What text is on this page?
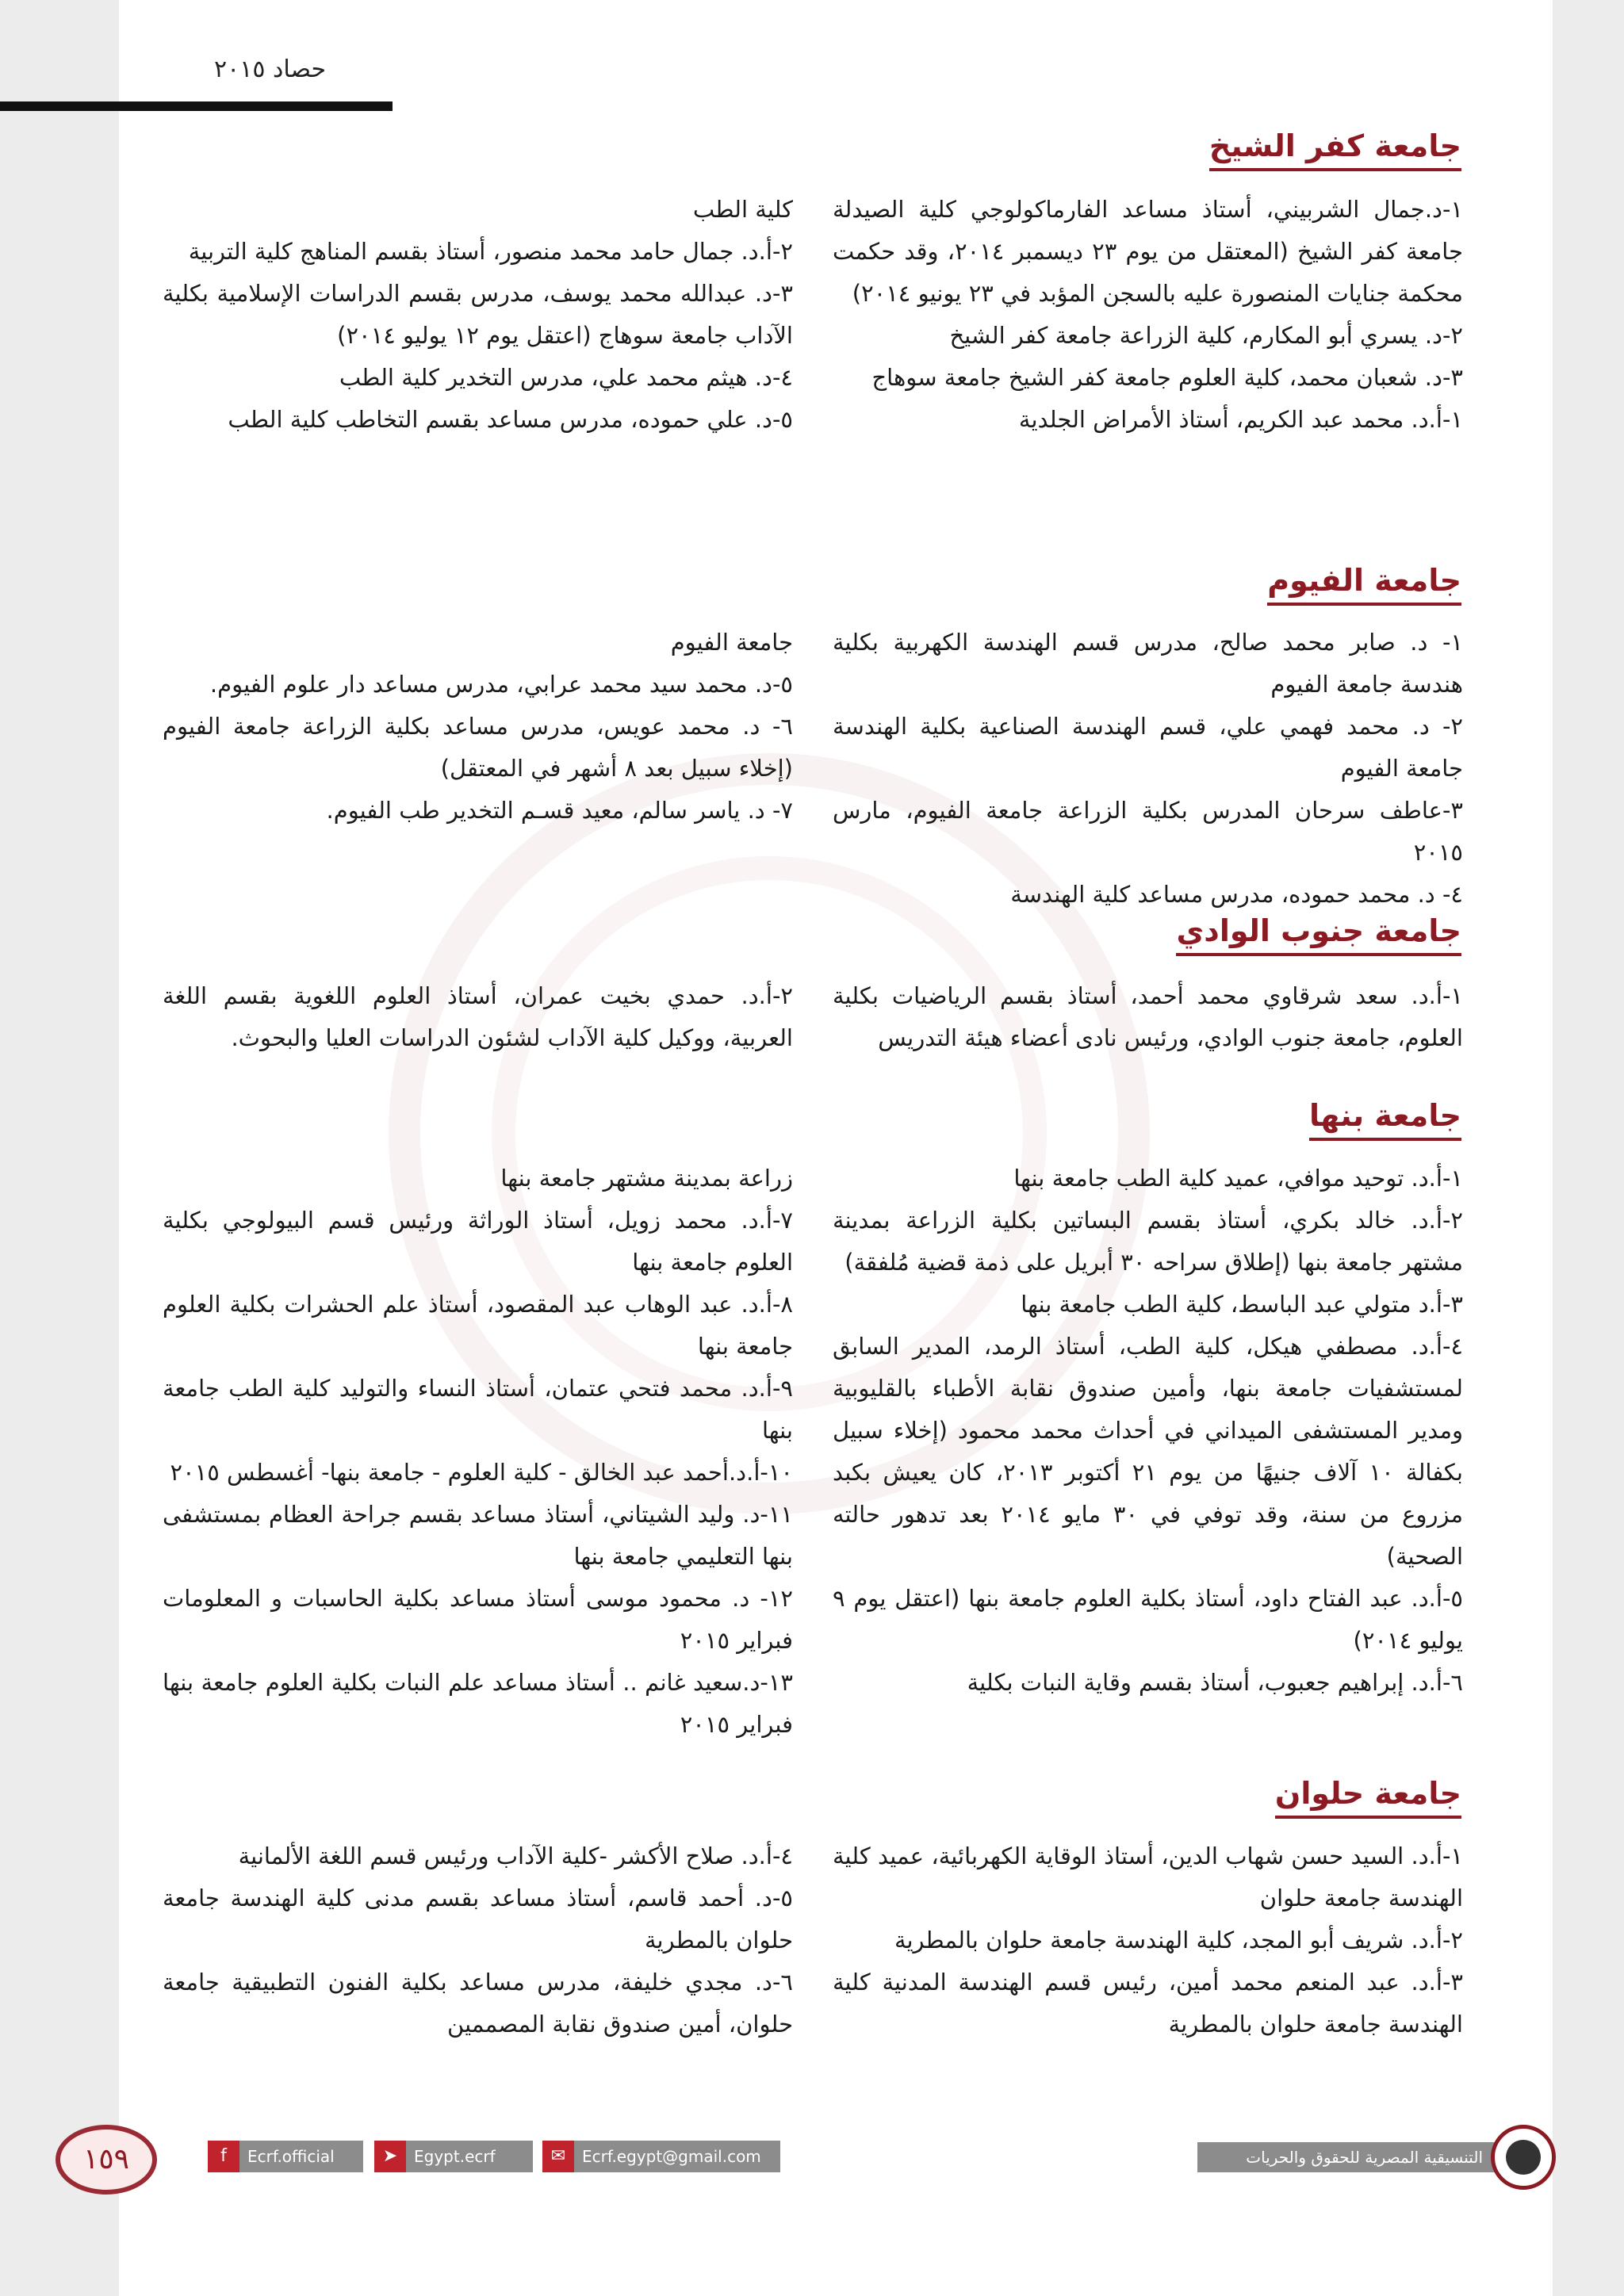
حصاد ٢٠١٥
جامعة كفر الشيخ

١-د.جمال الشربيني، أستاذ مساعد الفارماكولوجي كلية الصيدلة جامعة كفر الشيخ (المعتقل من يوم ٢٣ ديسمبر ٢٠١٤، وقد حكمت محكمة جنايات المنصورة عليه بالسجن المؤبد في ٢٣ يونيو ٢٠١٤)

٢-د. يسري أبو المكارم، كلية الزراعة جامعة كفر الشيخ

٣-د. شعبان محمد، كلية العلوم جامعة كفر الشيخ جامعة سوهاج

١-أ.د. محمد عبد الكريم، أستاذ الأمراض الجلدية

كلية الطب

٢-أ.د. جمال حامد محمد منصور، أستاذ بقسم المناهج كلية التربية

٣-د. عبدالله محمد يوسف، مدرس بقسم الدراسات الإسلامية بكلية الآداب جامعة سوهاج (اعتقل يوم ١٢ يوليو ٢٠١٤)

٤-د. هيثم محمد علي، مدرس التخدير كلية الطب

٥-د. علي حموده، مدرس مساعد بقسم التخاطب كلية الطب

جامعة الفيوم

١- د. صابر محمد صالح، مدرس قسم الهندسة الكهربية بكلية هندسة جامعة الفيوم

٢- د. محمد فهمي علي، قسم الهندسة الصناعية بكلية الهندسة جامعة الفيوم

٣-عاطف سرحان المدرس بكلية الزراعة جامعة الفيوم، مارس ٢٠١٥

٤- د. محمد حموده، مدرس مساعد كلية الهندسة

جامعة الفيوم

٥-د. محمد سيد محمد عرابي، مدرس مساعد دار علوم الفيوم.

٦- د. محمد عويس، مدرس مساعد بكلية الزراعة جامعة الفيوم (إخلاء سبيل بعد ٨ أشهر في المعتقل)

٧- د. ياسر سالم، معيد قسـم التخدير طب الفيوم.

جامعة جنوب الوادي

١-أ.د. سعد شرقاوي محمد أحمد، أستاذ بقسم الرياضيات بكلية العلوم، جامعة جنوب الوادي، ورئيس نادى أعضاء هيئة التدريس

٢-أ.د. حمدي بخيت عمران، أستاذ العلوم اللغوية بقسم اللغة العربية، ووكيل كلية الآداب لشئون الدراسات العليا والبحوث.

جامعة بنها

١-أ.د. توحيد موافي، عميد كلية الطب جامعة بنها

٢-أ.د. خالد بكري، أستاذ بقسم البساتين بكلية الزراعة بمدينة مشتهر جامعة بنها (إطلاق سراحه ٣٠ أبريل على ذمة قضية مُلفقة)

٣-أ.د متولي عبد الباسط، كلية الطب جامعة بنها

٤-أ.د. مصطفي هيكل، كلية الطب، أستاذ الرمد، المدير السابق لمستشفيات جامعة بنها، وأمين صندوق نقابة الأطباء بالقليوبية ومدير المستشفى الميداني في أحداث محمد محمود (إخلاء سبيل بكفالة ١٠ آلاف جنيهًا من يوم ٢١ أكتوبر ٢٠١٣، كان يعيش بكبد مزروع من سنة، وقد توفي في ٣٠ مايو ٢٠١٤ بعد تدهور حالته الصحية)

٥-أ.د. عبد الفتاح داود، أستاذ بكلية العلوم جامعة بنها (اعتقل يوم ٩ يوليو ٢٠١٤)

٦-أ.د. إبراهيم جعبوب، أستاذ بقسم وقاية النبات بكلية

زراعة بمدينة مشتهر جامعة بنها

٧-أ.د. محمد زويل، أستاذ الوراثة ورئيس قسم البيولوجي بكلية العلوم جامعة بنها

٨-أ.د. عبد الوهاب عبد المقصود، أستاذ علم الحشرات بكلية العلوم جامعة بنها

٩-أ.د. محمد فتحي عتمان، أستاذ النساء والتوليد كلية الطب جامعة بنها

١٠-أ.د.أحمد عبد الخالق - كلية العلوم - جامعة بنها- أغسطس ٢٠١٥

١١-د. وليد الشيتاني، أستاذ مساعد بقسم جراحة العظام بمستشفى بنها التعليمي جامعة بنها

١٢- د. محمود موسى أستاذ مساعد بكلية الحاسبات و المعلومات فبراير ٢٠١٥

١٣-د.سعيد غانم .. أستاذ مساعد علم النبات بكلية العلوم جامعة بنها فبراير ٢٠١٥

جامعة حلوان

١-أ.د. السيد حسن شهاب الدين، أستاذ الوقاية الكهربائية، عميد كلية الهندسة جامعة حلوان

٢-أ.د. شريف أبو المجد، كلية الهندسة جامعة حلوان بالمطرية

٣-أ.د. عبد المنعم محمد أمين، رئيس قسم الهندسة المدنية كلية الهندسة جامعة حلوان بالمطرية

٤-أ.د. صلاح الأكشر -كلية الآداب ورئيس قسم اللغة الألمانية

٥-د. أحمد قاسم، أستاذ مساعد بقسم مدنى كلية الهندسة جامعة حلوان بالمطرية

٦-د. مجدي خليفة، مدرس مساعد بكلية الفنون التطبيقية جامعة حلوان، أمين صندوق نقابة المصممين

١٥٩	f	Ecrf.official	➤	Egypt.ecrf	✉	Ecrf.egypt@gmail.com	التنسيقية المصرية للحقوق والحريات
